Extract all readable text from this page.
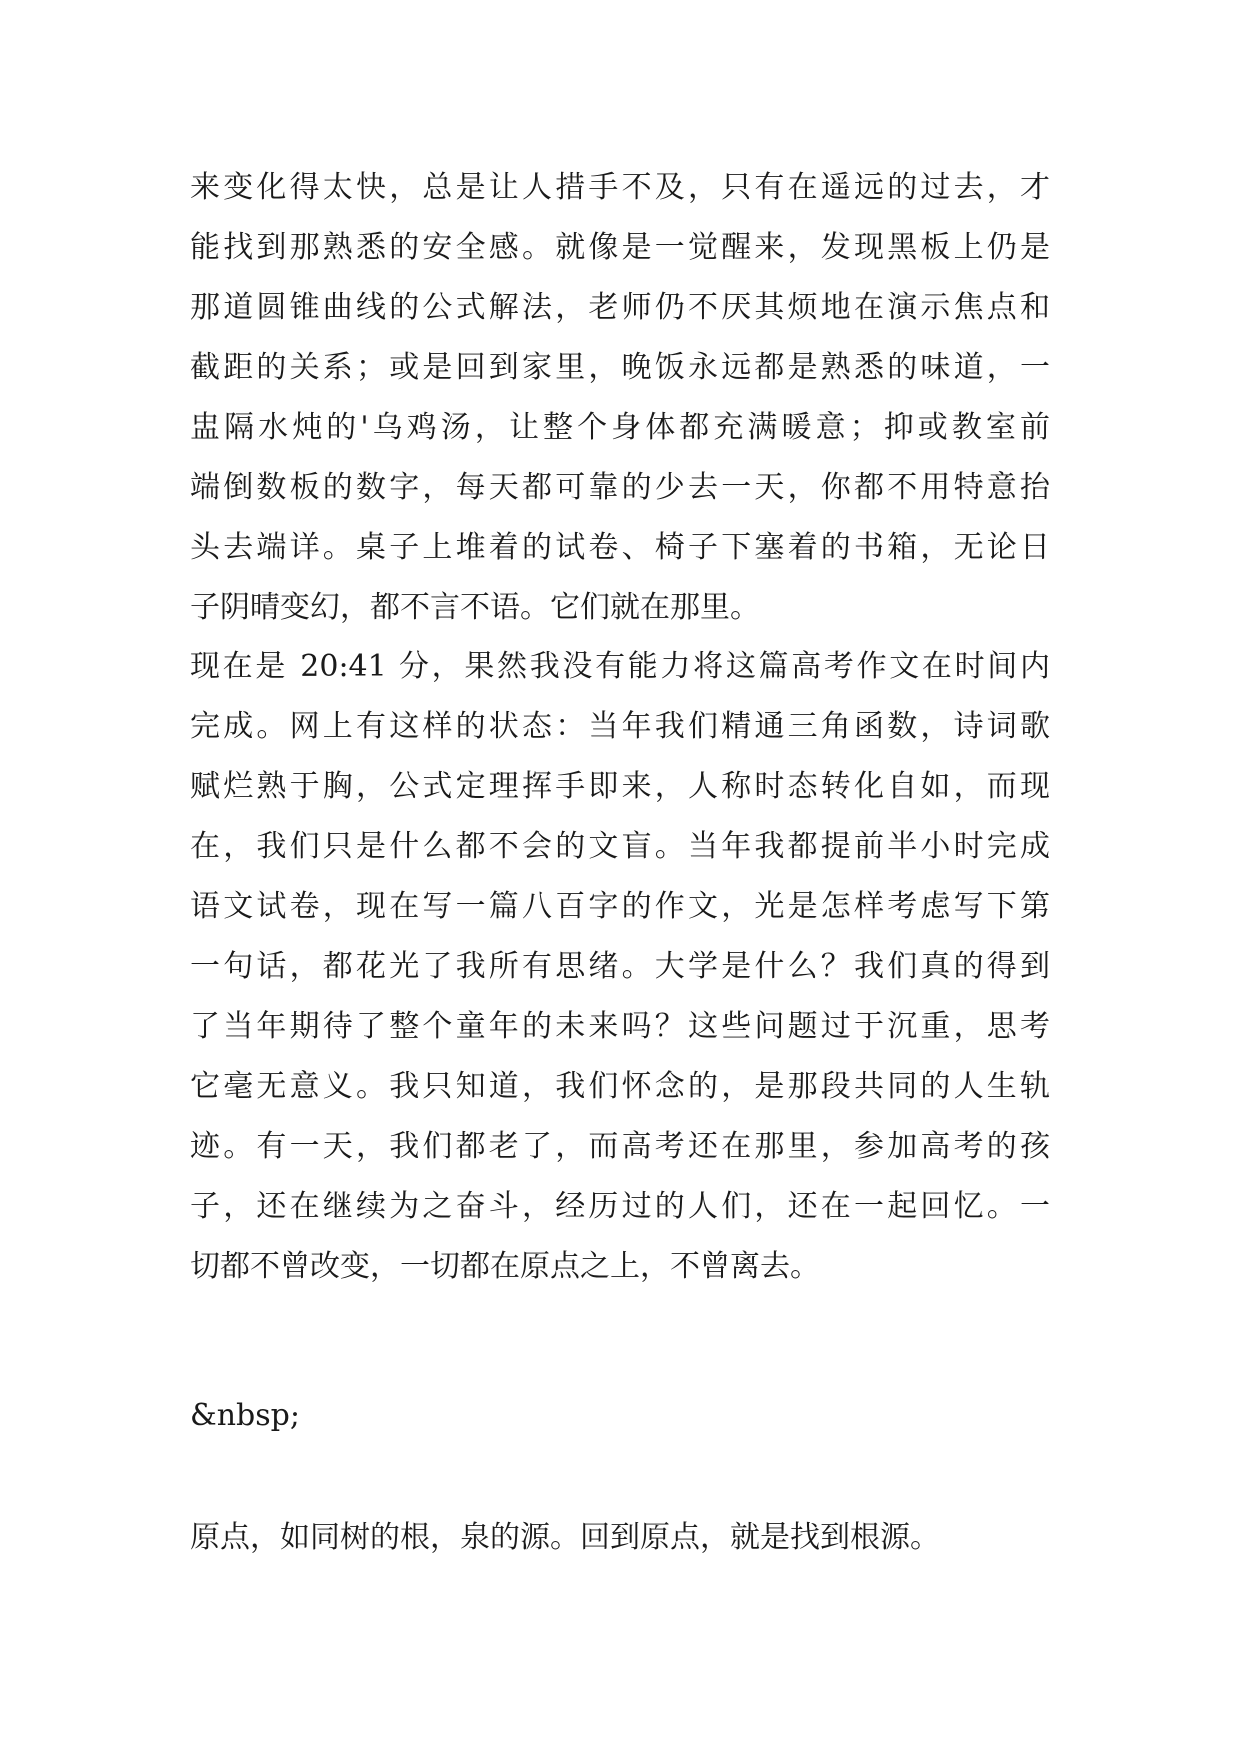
来变化得太快，总是让人措手不及，只有在遥远的过去，才
能找到那熟悉的安全感。就像是一觉醒来，发现黑板上仍是
那道圆锥曲线的公式解法，老师仍不厌其烦地在演示焦点和
截距的关系；或是回到家里，晚饭永远都是熟悉的味道，一
盅隔水炖的'乌鸡汤，让整个身体都充满暖意；抑或教室前
端倒数板的数字，每天都可靠的少去一天，你都不用特意抬
头去端详。桌子上堆着的试卷、椅子下塞着的书箱，无论日
子阴晴变幻，都不言不语。它们就在那里。
现在是 20:41 分，果然我没有能力将这篇高考作文在时间内
完成。网上有这样的状态：当年我们精通三角函数，诗词歌
赋烂熟于胸，公式定理挥手即来，人称时态转化自如，而现
在，我们只是什么都不会的文盲。当年我都提前半小时完成
语文试卷，现在写一篇八百字的作文，光是怎样考虑写下第
一句话，都花光了我所有思绪。大学是什么？我们真的得到
了当年期待了整个童年的未来吗？这些问题过于沉重，思考
它毫无意义。我只知道，我们怀念的，是那段共同的人生轨
迹。有一天，我们都老了，而高考还在那里，参加高考的孩
子，还在继续为之奋斗，经历过的人们，还在一起回忆。一
切都不曾改变，一切都在原点之上，不曾离去。
&nbsp;
原点，如同树的根，泉的源。回到原点，就是找到根源。
